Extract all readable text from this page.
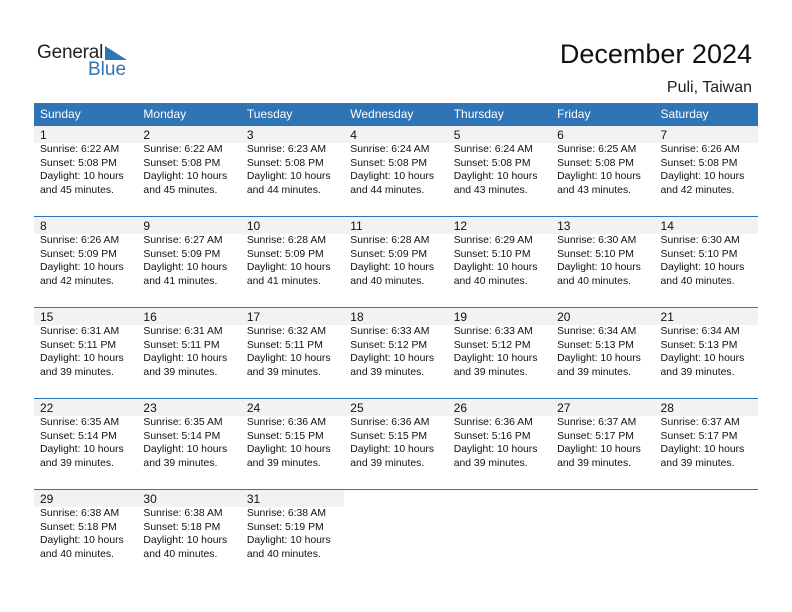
General
Blue
December 2024
Puli, Taiwan
Sunday	Monday	Tuesday	Wednesday	Thursday	Friday	Saturday

1
Sunrise: 6:22 AM
Sunset: 5:08 PM
Daylight: 10 hours
and 45 minutes.	2
Sunrise: 6:22 AM
Sunset: 5:08 PM
Daylight: 10 hours
and 45 minutes.	3
Sunrise: 6:23 AM
Sunset: 5:08 PM
Daylight: 10 hours
and 44 minutes.	4
Sunrise: 6:24 AM
Sunset: 5:08 PM
Daylight: 10 hours
and 44 minutes.	5
Sunrise: 6:24 AM
Sunset: 5:08 PM
Daylight: 10 hours
and 43 minutes.	6
Sunrise: 6:25 AM
Sunset: 5:08 PM
Daylight: 10 hours
and 43 minutes.	7
Sunrise: 6:26 AM
Sunset: 5:08 PM
Daylight: 10 hours
and 42 minutes.

8
Sunrise: 6:26 AM
Sunset: 5:09 PM
Daylight: 10 hours
and 42 minutes.	9
Sunrise: 6:27 AM
Sunset: 5:09 PM
Daylight: 10 hours
and 41 minutes.	10
Sunrise: 6:28 AM
Sunset: 5:09 PM
Daylight: 10 hours
and 41 minutes.	11
Sunrise: 6:28 AM
Sunset: 5:09 PM
Daylight: 10 hours
and 40 minutes.	12
Sunrise: 6:29 AM
Sunset: 5:10 PM
Daylight: 10 hours
and 40 minutes.	13
Sunrise: 6:30 AM
Sunset: 5:10 PM
Daylight: 10 hours
and 40 minutes.	14
Sunrise: 6:30 AM
Sunset: 5:10 PM
Daylight: 10 hours
and 40 minutes.

15
Sunrise: 6:31 AM
Sunset: 5:11 PM
Daylight: 10 hours
and 39 minutes.	16
Sunrise: 6:31 AM
Sunset: 5:11 PM
Daylight: 10 hours
and 39 minutes.	17
Sunrise: 6:32 AM
Sunset: 5:11 PM
Daylight: 10 hours
and 39 minutes.	18
Sunrise: 6:33 AM
Sunset: 5:12 PM
Daylight: 10 hours
and 39 minutes.	19
Sunrise: 6:33 AM
Sunset: 5:12 PM
Daylight: 10 hours
and 39 minutes.	20
Sunrise: 6:34 AM
Sunset: 5:13 PM
Daylight: 10 hours
and 39 minutes.	21
Sunrise: 6:34 AM
Sunset: 5:13 PM
Daylight: 10 hours
and 39 minutes.

22
Sunrise: 6:35 AM
Sunset: 5:14 PM
Daylight: 10 hours
and 39 minutes.	23
Sunrise: 6:35 AM
Sunset: 5:14 PM
Daylight: 10 hours
and 39 minutes.	24
Sunrise: 6:36 AM
Sunset: 5:15 PM
Daylight: 10 hours
and 39 minutes.	25
Sunrise: 6:36 AM
Sunset: 5:15 PM
Daylight: 10 hours
and 39 minutes.	26
Sunrise: 6:36 AM
Sunset: 5:16 PM
Daylight: 10 hours
and 39 minutes.	27
Sunrise: 6:37 AM
Sunset: 5:17 PM
Daylight: 10 hours
and 39 minutes.	28
Sunrise: 6:37 AM
Sunset: 5:17 PM
Daylight: 10 hours
and 39 minutes.

29
Sunrise: 6:38 AM
Sunset: 5:18 PM
Daylight: 10 hours
and 40 minutes.	30
Sunrise: 6:38 AM
Sunset: 5:18 PM
Daylight: 10 hours
and 40 minutes.	31
Sunrise: 6:38 AM
Sunset: 5:19 PM
Daylight: 10 hours
and 40 minutes.				
